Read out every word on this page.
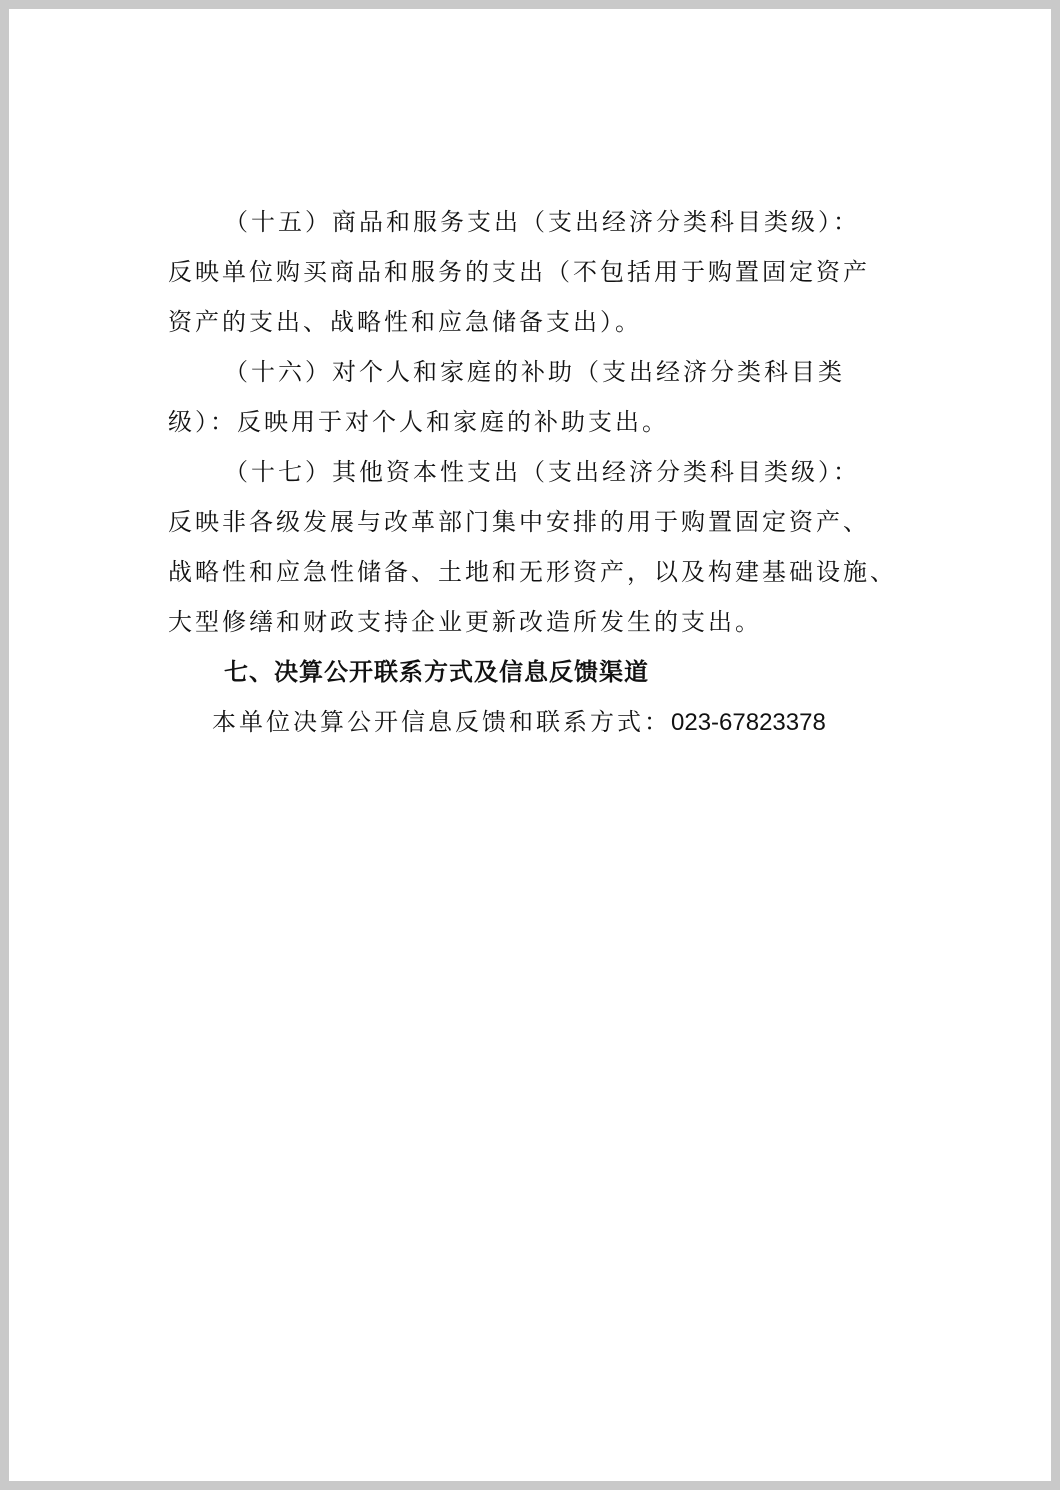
（十五）商品和服务支出（支出经济分类科目类级）：
反映单位购买商品和服务的支出（不包括用于购置固定资产
资产的支出、战略性和应急储备支出）。
（十六）对个人和家庭的补助（支出经济分类科目类
级）：反映用于对个人和家庭的补助支出。
（十七）其他资本性支出（支出经济分类科目类级）：
反映非各级发展与改革部门集中安排的用于购置固定资产、
战略性和应急性储备、土地和无形资产，以及构建基础设施、
大型修缮和财政支持企业更新改造所发生的支出。
七、决算公开联系方式及信息反馈渠道
本单位决算公开信息反馈和联系方式：023-67823378
